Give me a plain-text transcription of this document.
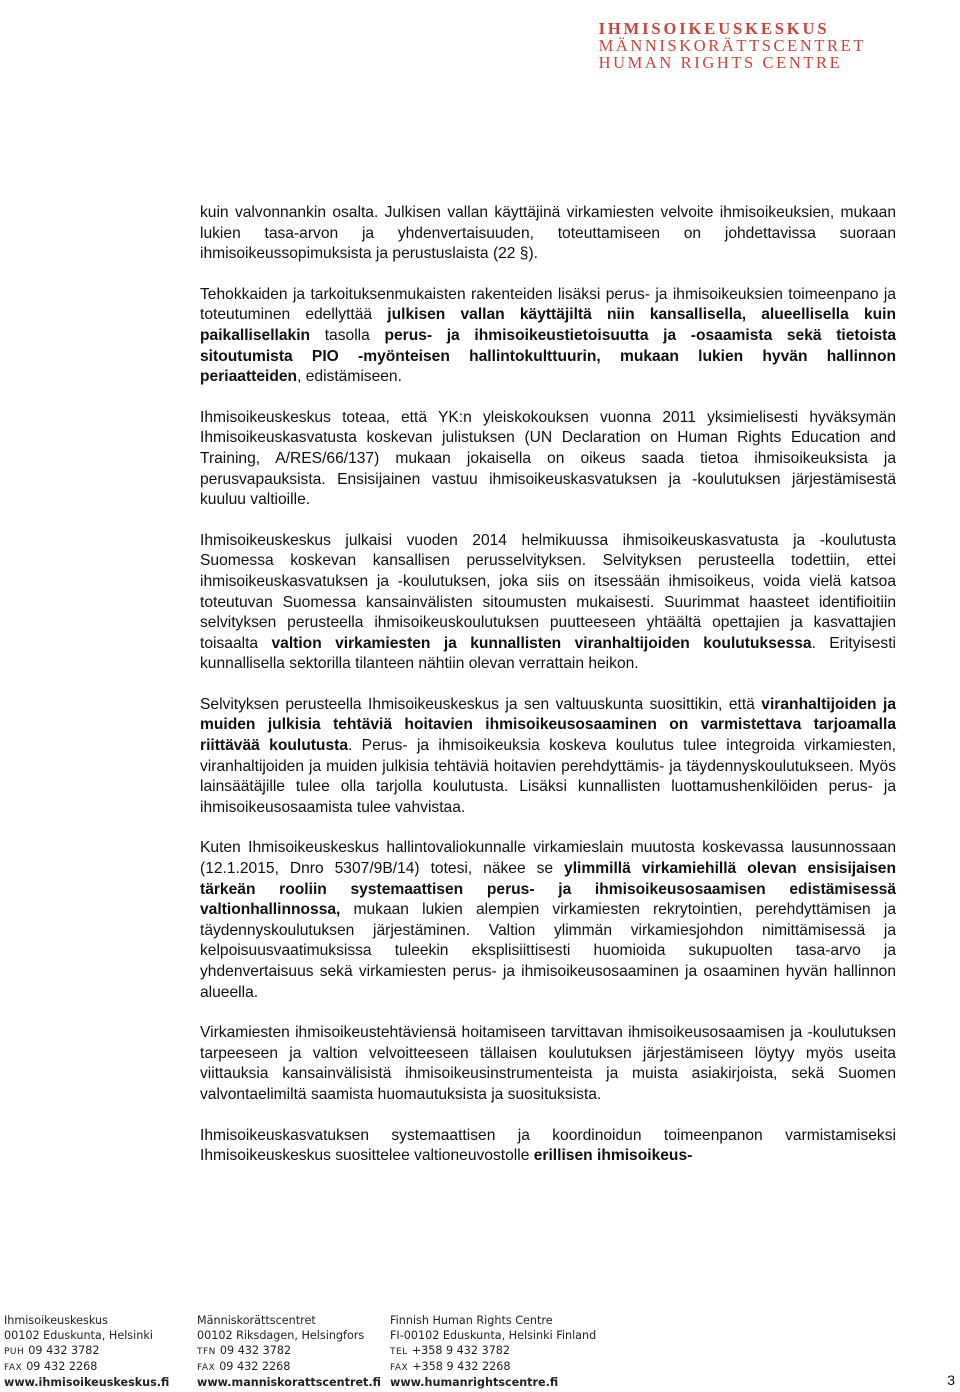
IHMISOIKEUSKESKUS
MÄNNISKORÄTTSCENTRET
HUMAN RIGHTS CENTRE

kuin valvonnankin osalta. Julkisen vallan käyttäjinä virkamiesten velvoite ihmisoikeuksien, mukaan lukien tasa-arvon ja yhdenvertaisuuden, toteuttamiseen on johdettavissa suoraan ihmisoikeussopimuksista ja perustuslaista (22 §).

Tehokkaiden ja tarkoituksenmukaisten rakenteiden lisäksi perus- ja ihmisoikeuksien toimeenpano ja toteutuminen edellyttää julkisen vallan käyttäjiltä niin kansallisella, alueellisella kuin paikallisellakin tasolla perus- ja ihmisoikeustietoisuutta ja -osaamista sekä tietoista sitoutumista PIO -myönteisen hallintokulttuurin, mukaan lukien hyvän hallinnon periaatteiden, edistämiseen.

Ihmisoikeuskeskus toteaa, että YK:n yleiskokouksen vuonna 2011 yksimielisesti hyväksymän Ihmisoikeuskasvatusta koskevan julistuksen (UN Declaration on Human Rights Education and Training, A/RES/66/137) mukaan jokaisella on oikeus saada tietoa ihmisoikeuksista ja perusvapauksista. Ensisijainen vastuu ihmisoikeuskasvatuksen ja -koulutuksen järjestämisestä kuuluu valtioille.

Ihmisoikeuskeskus julkaisi vuoden 2014 helmikuussa ihmisoikeuskasvatusta ja -koulutusta Suomessa koskevan kansallisen perusselvityksen. Selvityksen perusteella todettiin, ettei ihmisoikeuskasvatuksen ja -koulutuksen, joka siis on itsessään ihmisoikeus, voida vielä katsoa toteutuvan Suomessa kansainvälisten sitoumusten mukaisesti. Suurimmat haasteet identifioitiin selvityksen perusteella ihmisoikeuskoulutuksen puutteeseen yhtäältä opettajien ja kasvattajien toisaalta valtion virkamiesten ja kunnallisten viranhaltijoiden koulutuksessa. Erityisesti kunnallisella sektorilla tilanteen nähtiin olevan verrattain heikon.

Selvityksen perusteella Ihmisoikeuskeskus ja sen valtuuskunta suosittikin, että viranhaltijoiden ja muiden julkisia tehtäviä hoitavien ihmisoikeusosaaminen on varmistettava tarjoamalla riittävää koulutusta. Perus- ja ihmisoikeuksia koskeva koulutus tulee integroida virkamiesten, viranhaltijoiden ja muiden julkisia tehtäviä hoitavien perehdyttämis- ja täydennyskoulutukseen. Myös lainsäätäjille tulee olla tarjolla koulutusta. Lisäksi kunnallisten luottamushenkilöiden perus- ja ihmisoikeusosaamista tulee vahvistaa.

Kuten Ihmisoikeuskeskus hallintovaliokunnalle virkamieslain muutosta koskevassa lausunnossaan (12.1.2015, Dnro 5307/9B/14) totesi, näkee se ylimmillä virkamiehillä olevan ensisijaisen tärkeän rooliin systemaattisen perus- ja ihmisoikeusosaamisen edistämisessä valtionhallinnossa, mukaan lukien alempien virkamiesten rekrytointien, perehdyttämisen ja täydennyskoulutuksen järjestäminen. Valtion ylimmän virkamiesjohdon nimittämisessä ja kelpoisuusvaatimuksissa tuleekin eksplisiittisesti huomioida sukupuolten tasa-arvo ja yhdenvertaisuus sekä virkamiesten perus- ja ihmisoikeusosaaminen ja osaaminen hyvän hallinnon alueella.

Virkamiesten ihmisoikeustehtäviensä hoitamiseen tarvittavan ihmisoikeusosaamisen ja -koulutuksen tarpeeseen ja valtion velvoitteeseen tällaisen koulutuksen järjestämiseen löytyy myös useita viittauksia kansainvälisistä ihmisoikeusinstrumenteista ja muista asiakirjoista, sekä Suomen valvontaelimiltä saamista huomautuksista ja suosituksista.

Ihmisoikeuskasvatuksen systemaattisen ja koordinoidun toimeenpanon varmistamiseksi Ihmisoikeuskeskus suosittelee valtioneuvostolle erillisen ihmisoikeus-

Ihmisoikeuskeskus
00102 Eduskunta, Helsinki
PUH 09 432 3782
FAX 09 432 2268
www.ihmisoikeuskeskus.fi
Människorättscentret
00102 Riksdagen, Helsingfors
TFN 09 432 3782
FAX 09 432 2268
www.manniskorattscentret.fi
Finnish Human Rights Centre
FI-00102 Eduskunta, Helsinki Finland
TEL +358 9 432 3782
FAX +358 9 432 2268
www.humanrightscentre.fi	3
